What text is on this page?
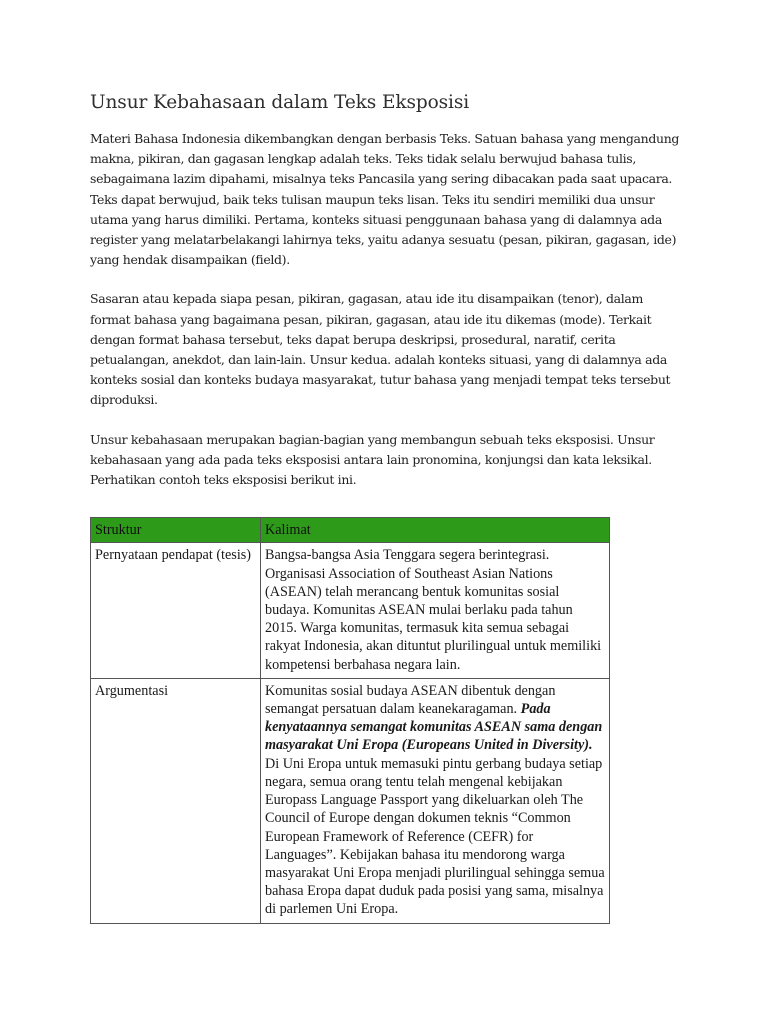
Unsur Kebahasaan dalam Teks Eksposisi

Materi Bahasa Indonesia dikembangkan dengan berbasis Teks. Satuan bahasa yang mengandung makna, pikiran, dan gagasan lengkap adalah teks. Teks tidak selalu berwujud bahasa tulis, sebagaimana lazim dipahami, misalnya teks Pancasila yang sering dibacakan pada saat upacara. Teks dapat berwujud, baik teks tulisan maupun teks lisan. Teks itu sendiri memiliki dua unsur utama yang harus dimiliki. Pertama, konteks situasi penggunaan bahasa yang di dalamnya ada register yang melatarbelakangi lahirnya teks, yaitu adanya sesuatu (pesan, pikiran, gagasan, ide) yang hendak disampaikan (field).

Sasaran atau kepada siapa pesan, pikiran, gagasan, atau ide itu disampaikan (tenor), dalam format bahasa yang bagaimana pesan, pikiran, gagasan, atau ide itu dikemas (mode). Terkait dengan format bahasa tersebut, teks dapat berupa deskripsi, prosedural, naratif, cerita petualangan, anekdot, dan lain-lain. Unsur kedua. adalah konteks situasi, yang di dalamnya ada konteks sosial dan konteks budaya masyarakat, tutur bahasa yang menjadi tempat teks tersebut diproduksi.

Unsur kebahasaan merupakan bagian-bagian yang membangun sebuah teks eksposisi. Unsur kebahasaan yang ada pada teks eksposisi antara lain pronomina, konjungsi dan kata leksikal. Perhatikan contoh teks eksposisi berikut ini.

Struktur	Kalimat
Pernyataan pendapat (tesis)	Bangsa-bangsa Asia Tenggara segera berintegrasi. Organisasi Association of Southeast Asian Nations (ASEAN) telah merancang bentuk komunitas sosial budaya. Komunitas ASEAN mulai berlaku pada tahun 2015. Warga komunitas, termasuk kita semua sebagai rakyat Indonesia, akan dituntut plurilingual untuk memiliki kompetensi berbahasa negara lain.
Argumentasi	Komunitas sosial budaya ASEAN dibentuk dengan semangat persatuan dalam keanekaragaman. Pada kenyataannya semangat komunitas ASEAN sama dengan masyarakat Uni Eropa (Europeans United in Diversity). Di Uni Eropa untuk memasuki pintu gerbang budaya setiap negara, semua orang tentu telah mengenal kebijakan Europass Language Passport yang dikeluarkan oleh The Council of Europe dengan dokumen teknis “Common European Framework of Reference (CEFR) for Languages”. Kebijakan bahasa itu mendorong warga masyarakat Uni Eropa menjadi plurilingual sehingga semua bahasa Eropa dapat duduk pada posisi yang sama, misalnya di parlemen Uni Eropa.
